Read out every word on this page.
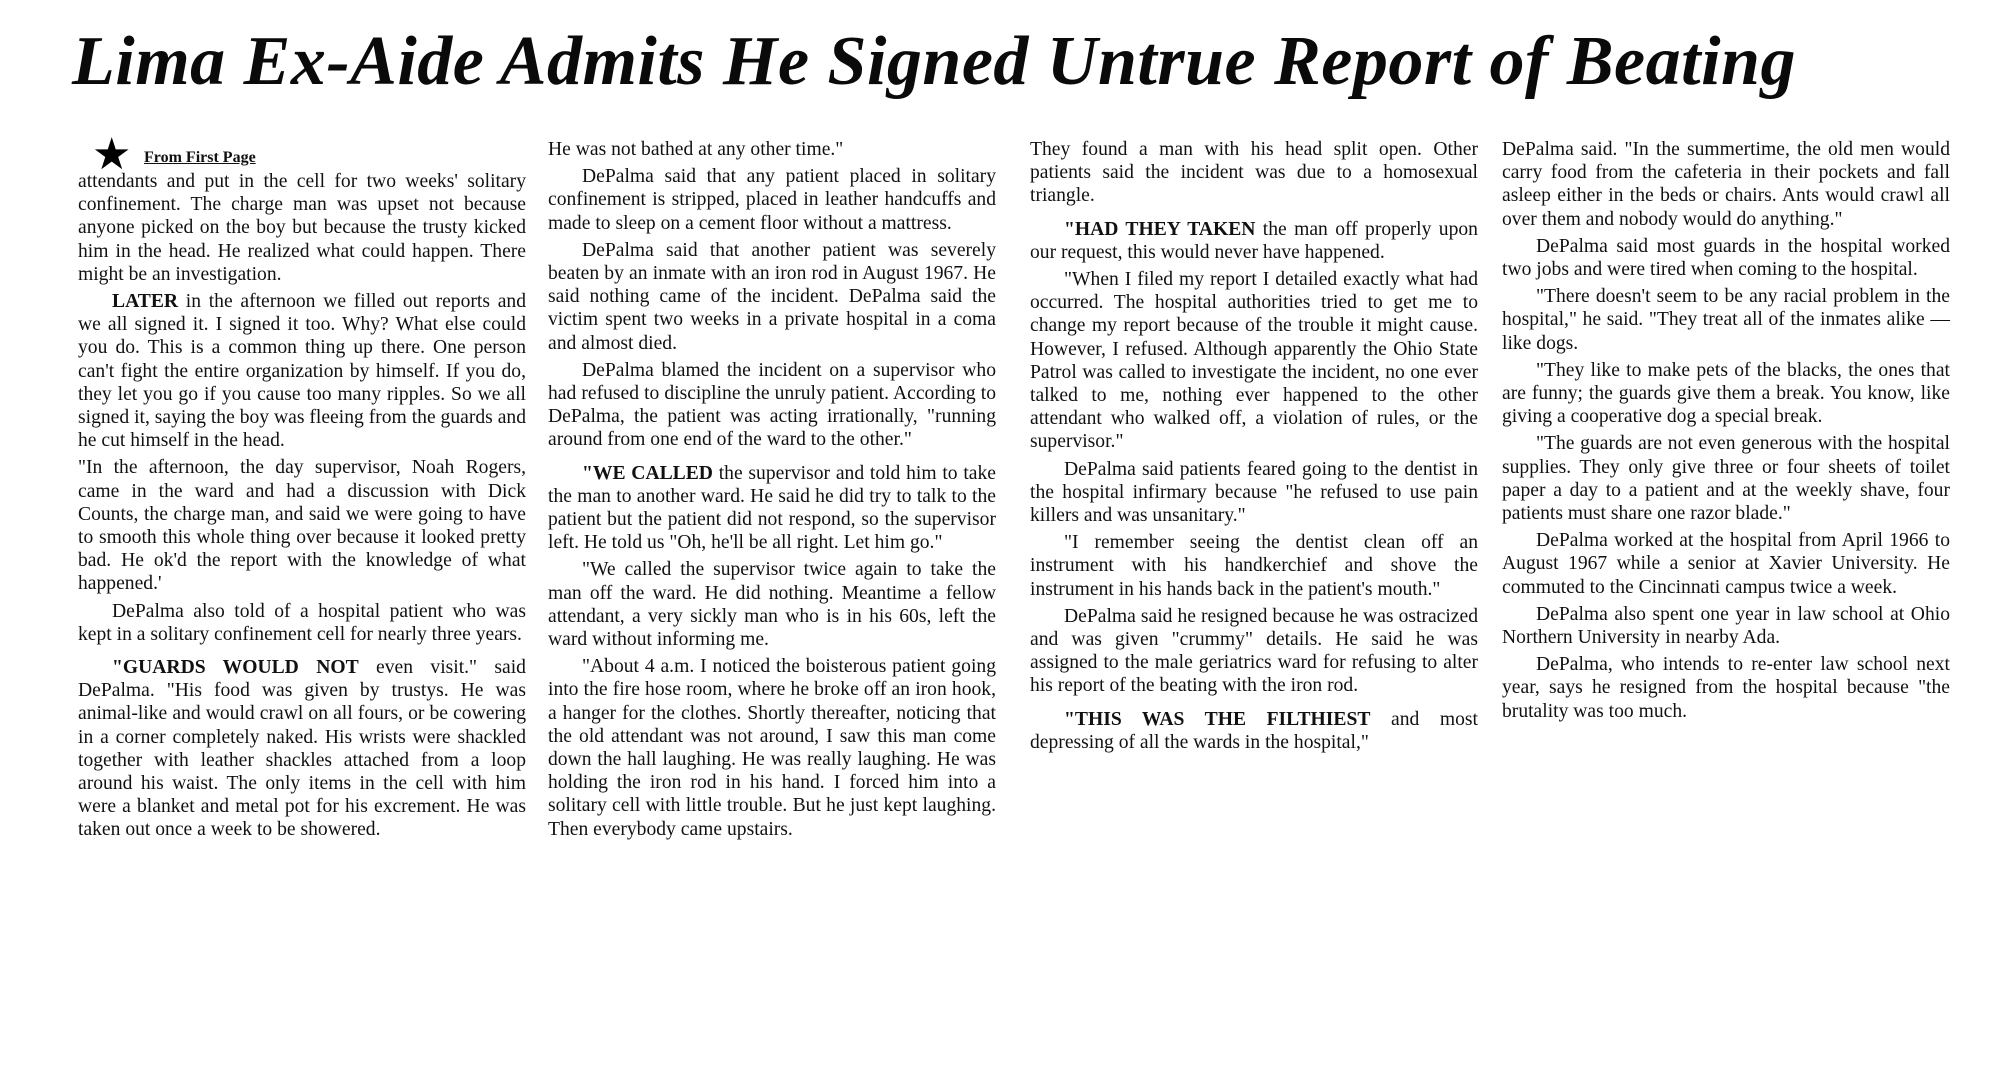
Lima Ex-Aide Admits He Signed Untrue Report of Beating
★ From First Page

attendants and put in the cell for two weeks' solitary confinement. The charge man was upset not because anyone picked on the boy but because the trusty kicked him in the head. He realized what could happen. There might be an investigation.

LATER in the afternoon we filled out reports and we all signed it. I signed it too. Why? What else could you do. This is a common thing up there. One person can't fight the entire organization by himself. If you do, they let you go if you cause too many ripples. So we all signed it, saying the boy was fleeing from the guards and he cut himself in the head.

"In the afternoon, the day supervisor, Noah Rogers, came in the ward and had a discussion with Dick Counts, the charge man, and said we were going to have to smooth this whole thing over because it looked pretty bad. He ok'd the report with the knowledge of what happened.'

DePalma also told of a hospital patient who was kept in a solitary confinement cell for nearly three years.

"GUARDS WOULD NOT even visit." said DePalma. "His food was given by trustys. He was animal-like and would crawl on all fours, or be cowering in a corner completely naked. His wrists were shackled together with leather shackles attached from a loop around his waist. The only items in the cell with him were a blanket and metal pot for his excrement. He was taken out once a week to be showered.

He was not bathed at any other time."

DePalma said that any patient placed in solitary confinement is stripped, placed in leather handcuffs and made to sleep on a cement floor without a mattress.

DePalma said that another patient was severely beaten by an inmate with an iron rod in August 1967. He said nothing came of the incident. DePalma said the victim spent two weeks in a private hospital in a coma and almost died.

DePalma blamed the incident on a supervisor who had refused to discipline the unruly patient. According to DePalma, the patient was acting irrationally, "running around from one end of the ward to the other."

"WE CALLED the supervisor and told him to take the man to another ward. He said he did try to talk to the patient but the patient did not respond, so the supervisor left. He told us "Oh, he'll be all right. Let him go."

"We called the supervisor twice again to take the man off the ward. He did nothing. Meantime a fellow attendant, a very sickly man who is in his 60s, left the ward without informing me.

"About 4 a.m. I noticed the boisterous patient going into the fire hose room, where he broke off an iron hook, a hanger for the clothes. Shortly thereafter, noticing that the old attendant was not around, I saw this man come down the hall laughing. He was really laughing. He was holding the iron rod in his hand. I forced him into a solitary cell with little trouble. But he just kept laughing. Then everybody came upstairs.

They found a man with his head split open. Other patients said the incident was due to a homosexual triangle.

"HAD THEY TAKEN the man off properly upon our request, this would never have happened.

"When I filed my report I detailed exactly what had occurred. The hospital authorities tried to get me to change my report because of the trouble it might cause. However, I refused. Although apparently the Ohio State Patrol was called to investigate the incident, no one ever talked to me, nothing ever happened to the other attendant who walked off, a violation of rules, or the supervisor."

DePalma said patients feared going to the dentist in the hospital infirmary because "he refused to use pain killers and was unsanitary."

"I remember seeing the dentist clean off an instrument with his handkerchief and shove the instrument in his hands back in the patient's mouth."

DePalma said he resigned because he was ostracized and was given "crummy" details. He said he was assigned to the male geriatrics ward for refusing to alter his report of the beating with the iron rod.

"THIS WAS THE FILTHIEST and most depressing of all the wards in the hospital,"

DePalma said. "In the summertime, the old men would carry food from the cafeteria in their pockets and fall asleep either in the beds or chairs. Ants would crawl all over them and nobody would do anything."

DePalma said most guards in the hospital worked two jobs and were tired when coming to the hospital.

"There doesn't seem to be any racial problem in the hospital," he said. "They treat all of the inmates alike — like dogs.

"They like to make pets of the blacks, the ones that are funny; the guards give them a break. You know, like giving a cooperative dog a special break.

"The guards are not even generous with the hospital supplies. They only give three or four sheets of toilet paper a day to a patient and at the weekly shave, four patients must share one razor blade."

DePalma worked at the hospital from April 1966 to August 1967 while a senior at Xavier University. He commuted to the Cincinnati campus twice a week.

DePalma also spent one year in law school at Ohio Northern University in nearby Ada.

DePalma, who intends to re-enter law school next year, says he resigned from the hospital because "the brutality was too much.
